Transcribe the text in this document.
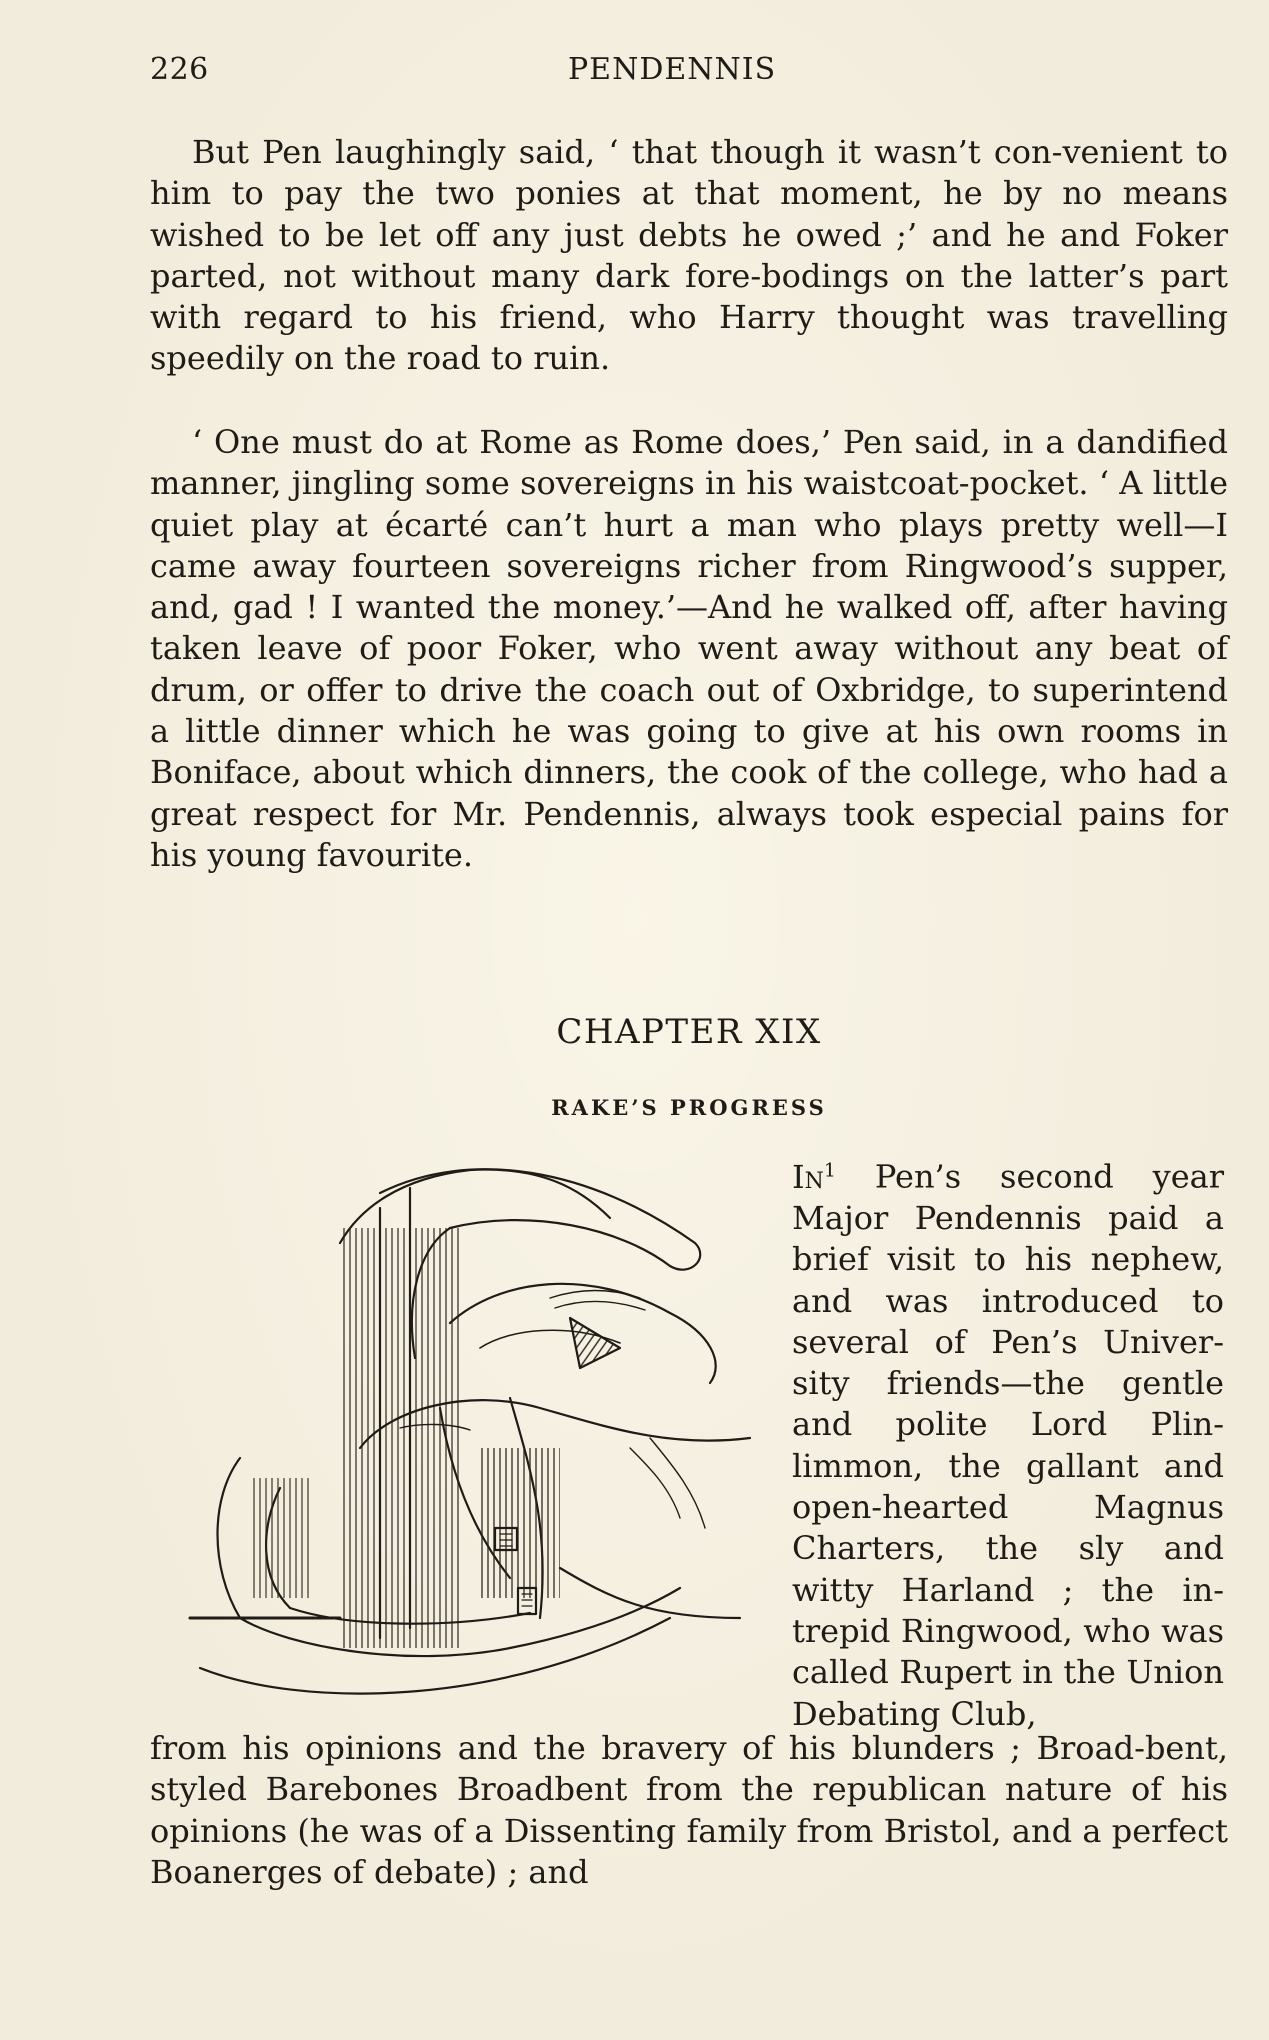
226	PENDENNIS

But Pen laughingly said, ‘ that though it wasn’t con-venient to him to pay the two ponies at that moment, he by no means wished to be let off any just debts he owed ;’ and he and Foker parted, not without many dark fore-bodings on the latter’s part with regard to his friend, who Harry thought was travelling speedily on the road to ruin.

‘ One must do at Rome as Rome does,’ Pen said, in a dandified manner, jingling some sovereigns in his waistcoat-pocket. ‘ A little quiet play at écarté can’t hurt a man who plays pretty well—I came away fourteen sovereigns richer from Ringwood’s supper, and, gad ! I wanted the money.’—And he walked off, after having taken leave of poor Foker, who went away without any beat of drum, or offer to drive the coach out of Oxbridge, to superintend a little dinner which he was going to give at his own rooms in Boniface, about which dinners, the cook of the college, who had a great respect for Mr. Pendennis, always took especial pains for his young favourite.

CHAPTER XIX
RAKE’S PROGRESS

In$^1$ Pen’s second year Major Pendennis paid a brief visit to his nephew, and was introduced to several of Pen’s Univer-sity friends—the gentle and polite Lord Plin-limmon, the gallant and open-hearted Magnus Charters, the sly and witty Harland ; the in-trepid Ringwood, who was called Rupert in the Union Debating Club,

from his opinions and the bravery of his blunders ; Broad-bent, styled Barebones Broadbent from the republican nature of his opinions (he was of a Dissenting family from Bristol, and a perfect Boanerges of debate) ; and
